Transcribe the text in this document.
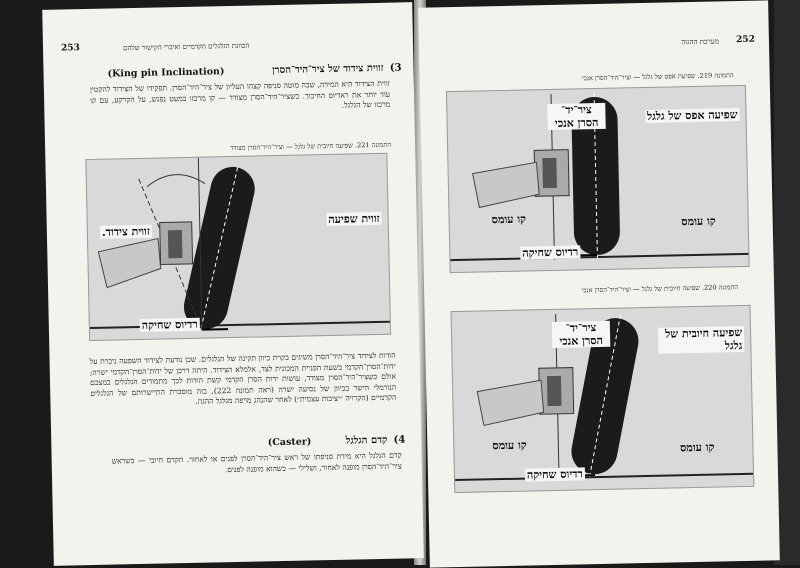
253	הכוונת הגלגלים הקדמיים ואיברי הקישור שלהם
3)
זווית צידוד של ציר־היד־הסרן
(King pin Inclination)
זווית הצידוד היא המידה, שבה מוטה סניפה קצהו העליון של ציר־היד־הסרן. תפקידו של הצידוד להקטין עוד יותר את ראדיוס החיכוך. כשציר־היד־הסרן מצודד — קו מרכזו כמעט נפגש, על הקרקע, עם קו מרכזו של הגלגל.
התמונה 221. שפיעה חיובית של גלגל — וציר־היד־הסרן מצודד
זווית שפיעה
זווית צידוד.
רדיוס שחיקה
הודות לצידוד ציר־היד־הסרן משיגים בקרת כיוון תקינה של הגלגלים. שכן נודעת לצידוד השפעה ניכרת על ידות־הסרן־הקדמי בשעת הפניית המכונית לצד, אלמלא הצידוד. היתה דרכן של ידות־הסרן־הקדמי ישרה; אולם כשציר־היד־הסרן מצודד, עושות ידות הסרן הקדמי קשת הודות לכך מתמודים הגלגלים במצבם הנורמלי הישר בכיוון של נסיעה ישרה (ראה תמונה 222), בזה מוסברת התיישרותם של הגלגלים הקדמיים (הקרויה ״יציבות עצמית״) לאחר שהנהג מרפה מגלגל ההגה.
4)
קדם הגלגל
(Caster)
קדם הגלגל היא מידת סניפתו של ראש ציר־היד־הסרן לפנים או לאחור. הקדם חיובי — כשראש ציר־היד־הסרן מופנה לאחור, ושלילי — כשהוא מופנה לפנים.
252
מערכת ההגוה
התמונה 219. שפיעת אפס של גלגל — וציר־היד־הסרן אנכי
שפיעה אפס של גלגל
ציר־יד־ הסרן אנכי
קו עומס	קו עומס
רדיוס שחיקה
התמונה 220. שפיעה חיובית של גלגל — וציר־היד־הסרן אנכי
שפיעה חיובית של גלגל
ציר־יד־ הסרן אנכי
קו עומס	קו עומס
רדיוס שחיקה
